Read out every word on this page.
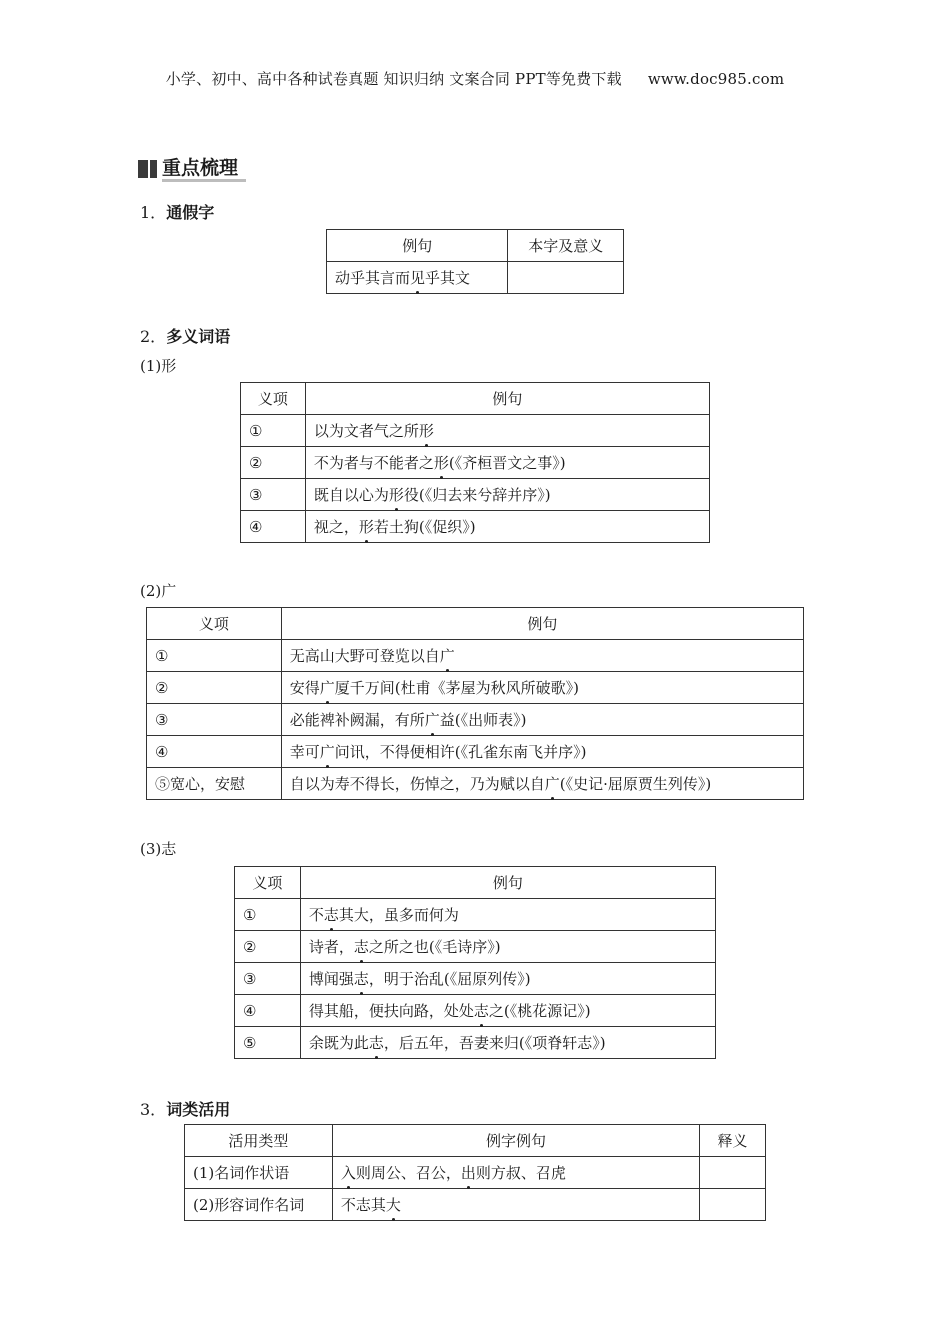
小学、初中、高中各种试卷真题 知识归纳 文案合同 PPT等免费下载 www.doc985.com
重点梳理
1．通假字
例句	本字及意义
动乎其言而见乎其文	
2．多义词语
(1)形
义项	例句
①	以为文者气之所形
②	不为者与不能者之形(《齐桓晋文之事》)
③	既自以心为形役(《归去来兮辞并序》)
④	视之，形若土狗(《促织》)
(2)广
义项	例句
①	无高山大野可登览以自广
②	安得广厦千万间(杜甫《茅屋为秋风所破歌》)
③	必能裨补阙漏，有所广益(《出师表》)
④	幸可广问讯，不得便相许(《孔雀东南飞并序》)
⑤宽心，安慰	自以为寿不得长，伤悼之，乃为赋以自广(《史记·屈原贾生列传》)
(3)志
义项	例句
①	不志其大，虽多而何为
②	诗者，志之所之也(《毛诗序》)
③	博闻强志，明于治乱(《屈原列传》)
④	得其船，便扶向路，处处志之(《桃花源记》)
⑤	余既为此志，后五年，吾妻来归(《项脊轩志》)
3．词类活用
活用类型	例字例句	释义
(1)名词作状语	入则周公、召公，出则方叔、召虎	
(2)形容词作名词	不志其大	
